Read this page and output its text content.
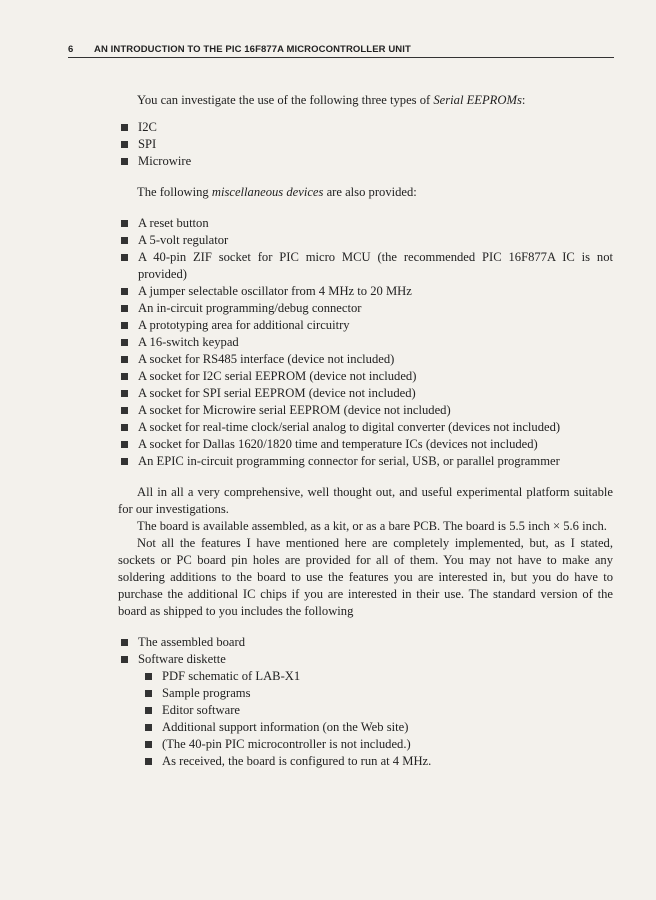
6 AN INTRODUCTION TO THE PIC 16F877A MICROCONTROLLER UNIT

You can investigate the use of the following three types of Serial EEPROMs:

I2C
SPI
Microwire

The following miscellaneous devices are also provided:

A reset button
A 5-volt regulator
A 40-pin ZIF socket for PIC micro MCU (the recommended PIC 16F877A IC is not provided)
A jumper selectable oscillator from 4 MHz to 20 MHz
An in-circuit programming/debug connector
A prototyping area for additional circuitry
A 16-switch keypad
A socket for RS485 interface (device not included)
A socket for I2C serial EEPROM (device not included)
A socket for SPI serial EEPROM (device not included)
A socket for Microwire serial EEPROM (device not included)
A socket for real-time clock/serial analog to digital converter (devices not included)
A socket for Dallas 1620/1820 time and temperature ICs (devices not included)
An EPIC in-circuit programming connector for serial, USB, or parallel programmer

All in all a very comprehensive, well thought out, and useful experimental platform suitable for our investigations.

The board is available assembled, as a kit, or as a bare PCB. The board is 5.5 inch × 5.6 inch.

Not all the features I have mentioned here are completely implemented, but, as I stated, sockets or PC board pin holes are provided for all of them. You may not have to make any soldering additions to the board to use the features you are interested in, but you do have to purchase the additional IC chips if you are interested in their use. The standard version of the board as shipped to you includes the following

The assembled board
Software diskette
PDF schematic of LAB-X1
Sample programs
Editor software
Additional support information (on the Web site)
(The 40-pin PIC microcontroller is not included.)
As received, the board is configured to run at 4 MHz.
